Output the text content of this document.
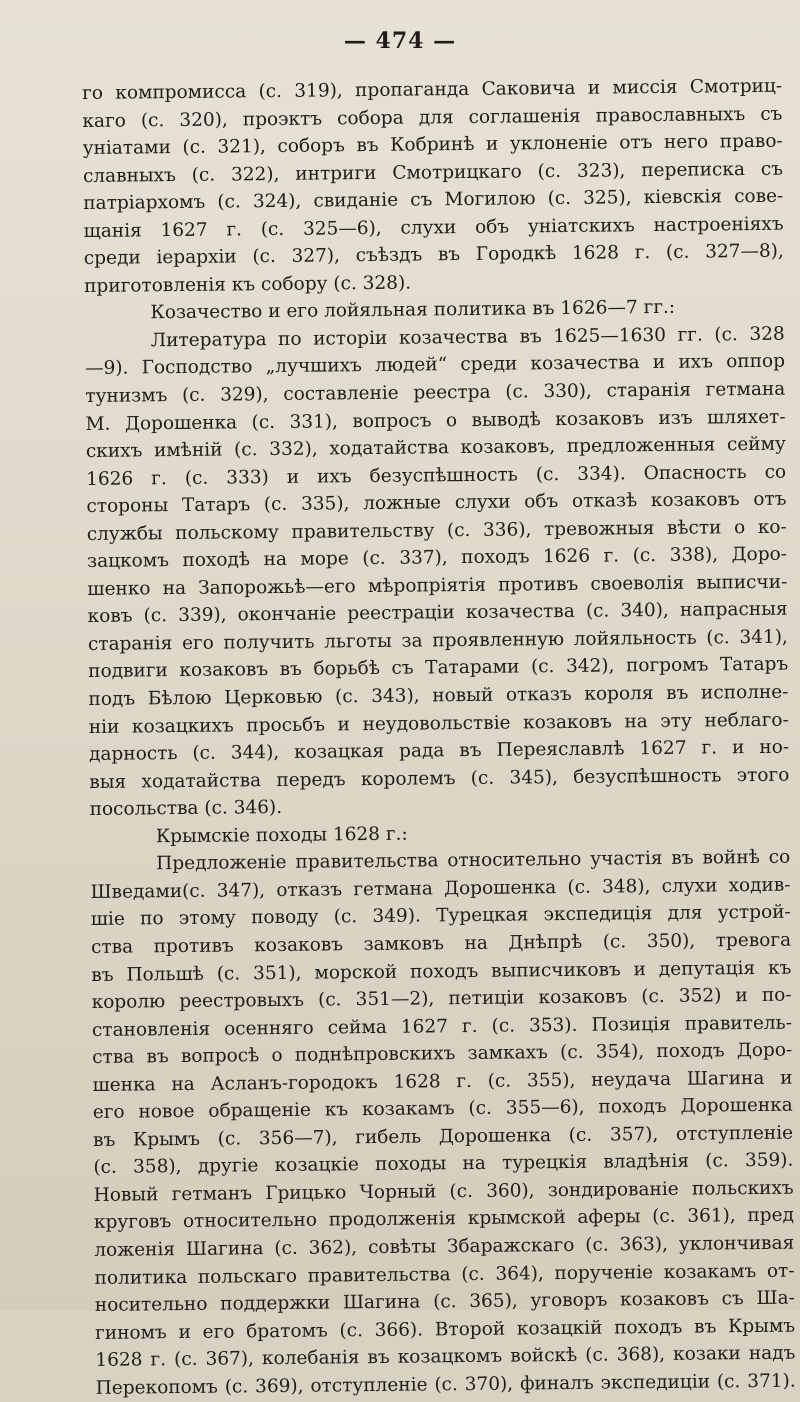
— 474 —
го компромисса (с. 319), пропаганда Саковича и миссія Смотриц-
каго (с. 320), проэктъ собора для соглашенія православныхъ съ
уніатами (с. 321), соборъ въ Кобринѣ и уклоненіе отъ него право-
славныхъ (с. 322), интриги Смотрицкаго (с. 323), переписка съ
патріархомъ (с. 324), свиданіе съ Могилою (с. 325), кіевскія сове-
щанія 1627 г. (с. 325—6), слухи объ уніатскихъ настроеніяхъ
среди іерархіи (с. 327), съѣздъ въ Городкѣ 1628 г. (с. 327—8),
приготовленія къ собору (с. 328).
Козачество и его лойяльная политика въ 1626—7 гг.:
Литература по исторіи козачества въ 1625—1630 гг. (с. 328
—9). Господство „лучшихъ людей“ среди козачества и ихъ оппор
тунизмъ (с. 329), составленіе реестра (с. 330), старанія гетмана
М. Дорошенка (с. 331), вопросъ о выводѣ козаковъ изъ шляхет-
скихъ имѣній (с. 332), ходатайства козаковъ, предложенныя сейму
1626 г. (с. 333) и ихъ безуспѣшность (с. 334). Опасность со
стороны Татаръ (с. 335), ложные слухи объ отказѣ козаковъ отъ
службы польскому правительству (с. 336), тревожныя вѣсти о ко-
зацкомъ походѣ на море (с. 337), походъ 1626 г. (с. 338), Доро-
шенко на Запорожьѣ—его мѣропріятія противъ своеволія выписчи-
ковъ (с. 339), окончаніе реестраціи козачества (с. 340), напрасныя
старанія его получить льготы за проявленную лойяльность (с. 341),
подвиги козаковъ въ борьбѣ съ Татарами (с. 342), погромъ Татаръ
подъ Бѣлою Церковью (с. 343), новый отказъ короля въ исполне-
ніи козацкихъ просьбъ и неудовольствіе козаковъ на эту неблаго-
дарность (с. 344), козацкая рада въ Переяславлѣ 1627 г. и но-
выя ходатайства передъ королемъ (с. 345), безуспѣшность этого
посольства (с. 346).
Крымскіе походы 1628 г.:
Предложеніе правительства относительно участія въ войнѣ со
Шведами(с. 347), отказъ гетмана Дорошенка (с. 348), слухи ходив-
шіе по этому поводу (с. 349). Турецкая экспедиція для устрой-
ства противъ козаковъ замковъ на Днѣпрѣ (с. 350), тревога
въ Польшѣ (с. 351), морской походъ выписчиковъ и депутація къ
королю реестровыхъ (с. 351—2), петиціи козаковъ (с. 352) и по-
становленія осенняго сейма 1627 г. (с. 353). Позиція правитель-
ства въ вопросѣ о поднѣпровскихъ замкахъ (с. 354), походъ Доро-
шенка на Асланъ-городокъ 1628 г. (с. 355), неудача Шагина и
его новое обращеніе къ козакамъ (с. 355—6), походъ Дорошенка
въ Крымъ (с. 356—7), гибель Дорошенка (с. 357), отступленіе
(с. 358), другіе козацкіе походы на турецкія владѣнія (с. 359).
Новый гетманъ Грицько Чорный (с. 360), зондированіе польскихъ
круговъ относительно продолженія крымской аферы (с. 361), пред
ложенія Шагина (с. 362), совѣты Збаражскаго (с. 363), уклончивая
политика польскаго правительства (с. 364), порученіе козакамъ от-
носительно поддержки Шагина (с. 365), уговоръ козаковъ съ Ша-
гиномъ и его братомъ (с. 366). Второй козацкій походъ въ Крымъ
1628 г. (с. 367), колебанія въ козацкомъ войскѣ (с. 368), козаки надъ
Перекопомъ (с. 369), отступленіе (с. 370), финалъ экспедиціи (с. 371).
